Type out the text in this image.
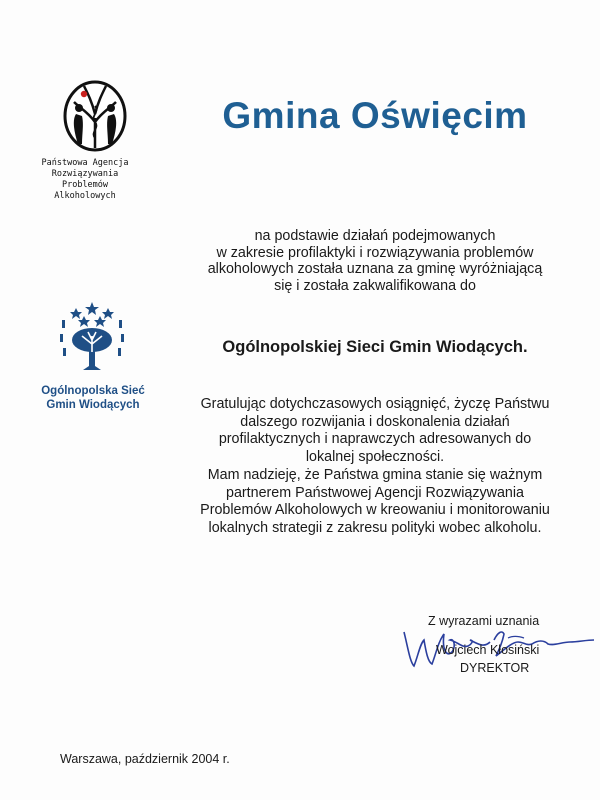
Państwowa Agencja
Rozwiązywania
Problemów
Alkoholowych
Gmina Oświęcim
na podstawie działań podejmowanych
w zakresie profilaktyki i rozwiązywania problemów
alkoholowych została uznana za gminę wyróżniającą
się i została zakwalifikowana do
Ogólnopolska Sieć
Gmin Wiodących
Ogólnopolskiej Sieci Gmin Wiodących.
Gratulując dotychczasowych osiągnięć, życzę Państwu
dalszego rozwijania i doskonalenia działań
profilaktycznych i naprawczych adresowanych do
lokalnej społeczności.
Mam nadzieję, że Państwa gmina stanie się ważnym
partnerem Państwowej Agencji Rozwiązywania
Problemów Alkoholowych w kreowaniu i monitorowaniu
lokalnych strategii z zakresu polityki wobec alkoholu.
Z wyrazami uznania
Wojciech Kłosiński
DYREKTOR
Warszawa, październik 2004 r.
